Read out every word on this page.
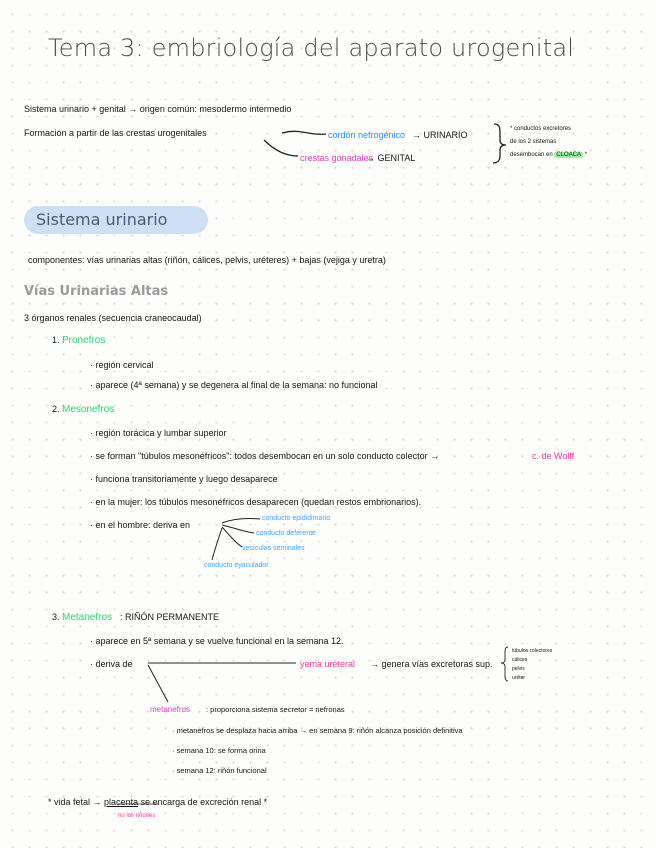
Tema 3: embriología del aparato urogenital
Sistema urinario + genital → origen común: mesodermo intermedio
Formación a partir de las crestas urogenitales	cordón nefrogénico → URINARIO
crestas gonadales
→ GENITAL
* conductos excretores
de los 2 sistemas
desembocan en CLOACA *
Sistema urinario
componentes: vías urinarias altas (riñón, cálices, pelvis, uréteres) + bajas (vejiga y uretra)
Vías Urinarias Altas
3 órganos renales (secuencia craneocaudal)
1. Pronefros
· región cervical
· aparece (4ª semana) y se degenera al final de la semana: no funcional
2. Mesonefros
· región torácica y lumbar superior
· se forman "túbulos mesonéfricos": todos desembocan en un solo conducto colector →	c. de Wolff
· funciona transitoriamente y luego desaparece
· en la mujer: los túbulos mesonéfricos desaparecen (quedan restos embrionarios).
· en el hombre: deriva en
conducto epididimario
conducto deferente
vesículas seminales
conducto eyaculador
3. Metanefros : RIÑÓN PERMANENTE
· aparece en 5ª semana y se vuelve funcional en la semana 12.
· deriva de	yema ureteral → genera vías excretoras sup.
túbulos colectores
cálices
pelvis
uréter
metanefros : proporciona sistema secretor = nefronas
· metanefros se desplaza hacia arriba → en semana 9: riñón alcanza posición definitiva
· semana 10: se forma orina
· semana 12: riñón funcional
* vida fetal → placenta se encarga de excreción renal *
no los riñones
